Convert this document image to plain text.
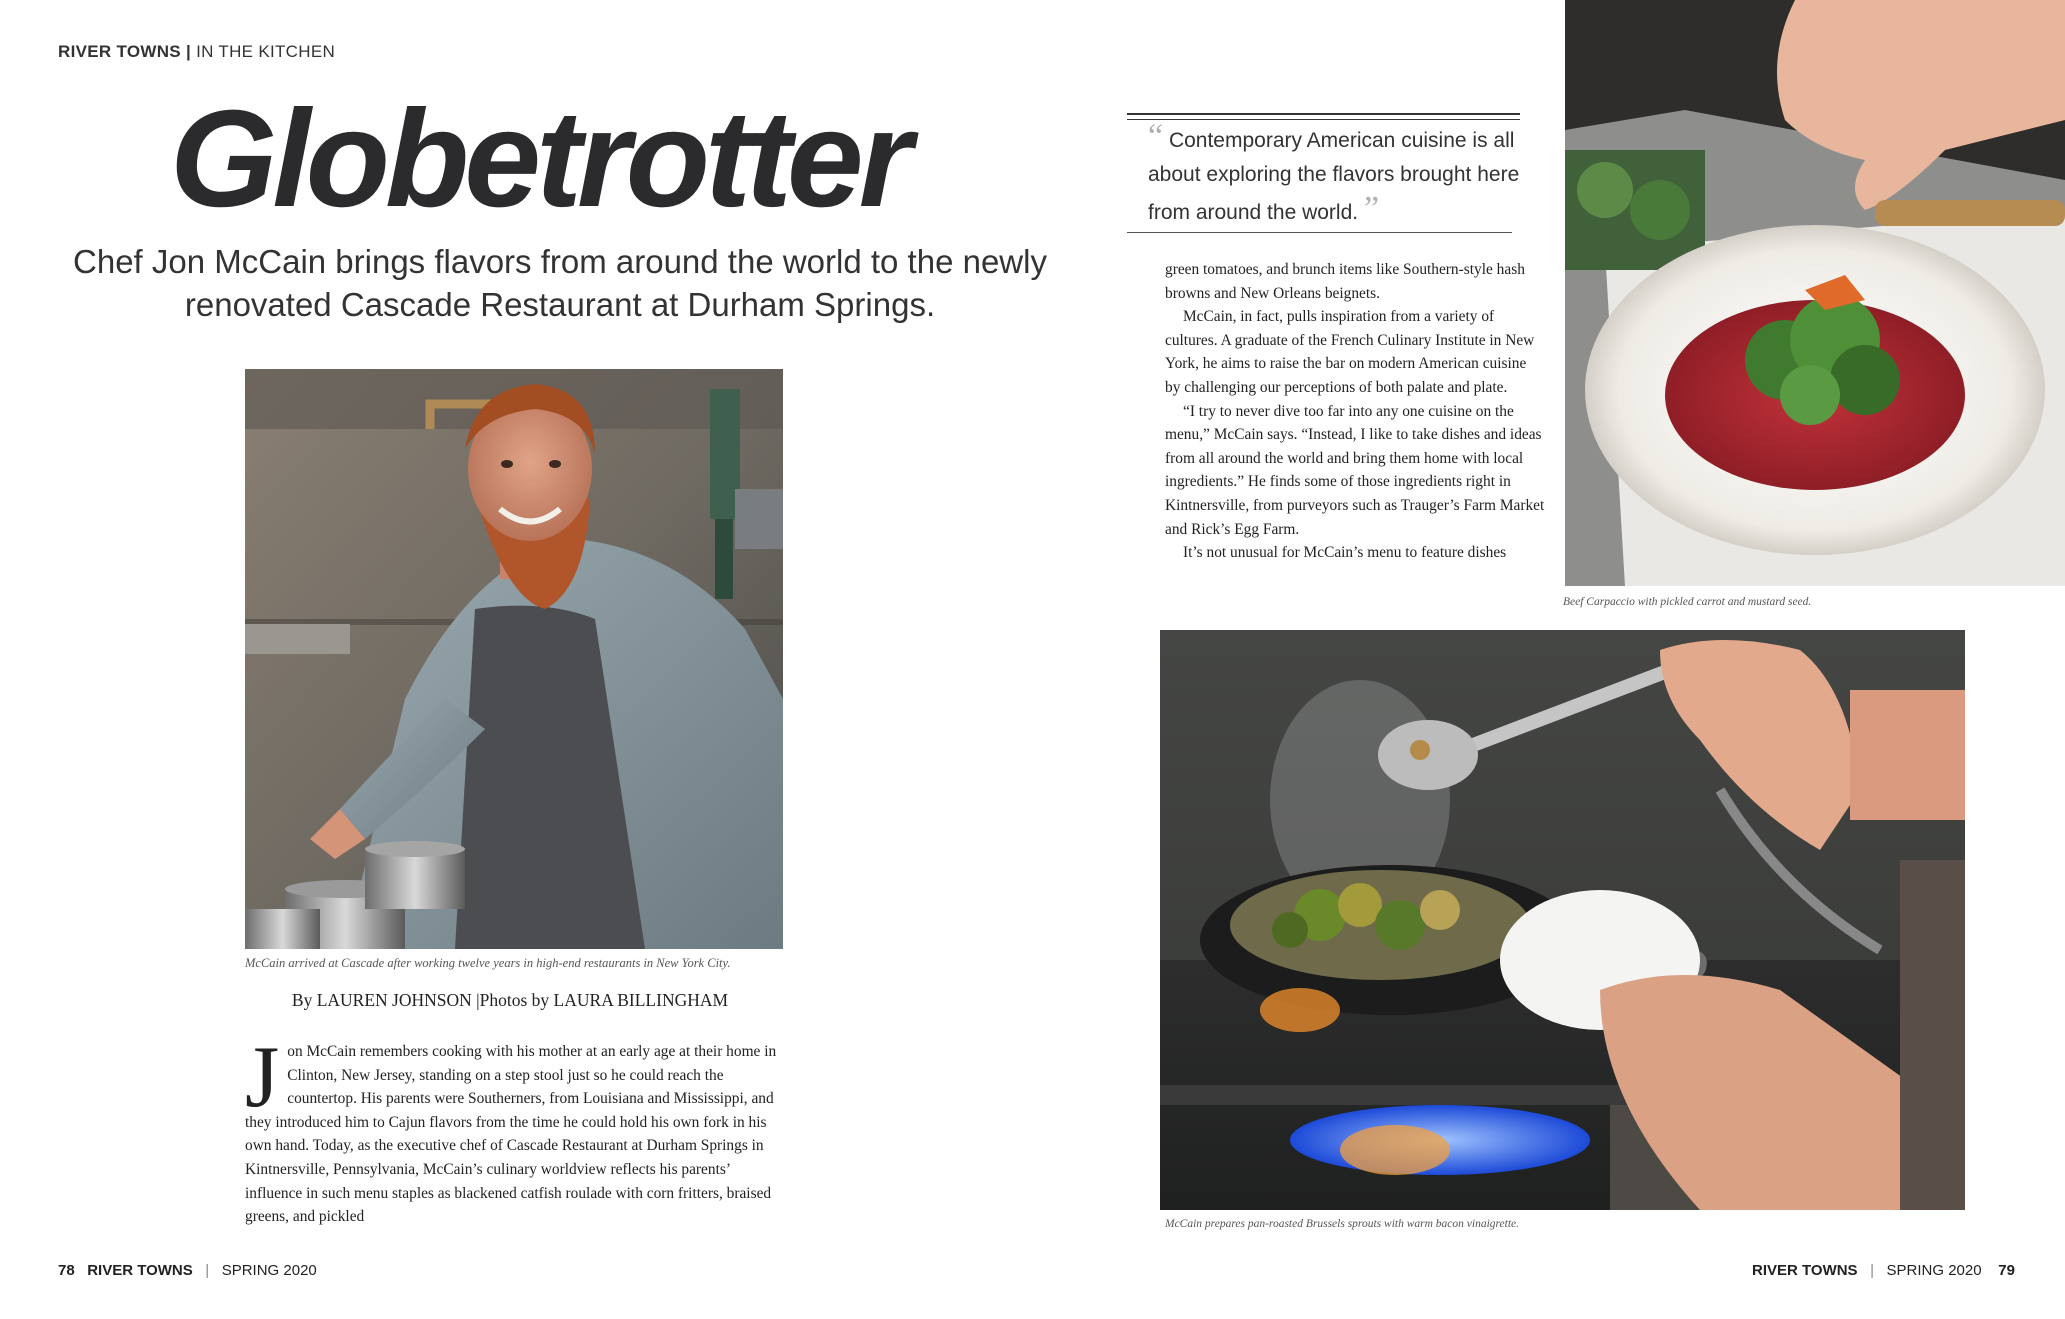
RIVER TOWNS | IN THE KITCHEN
Globetrotter
Chef Jon McCain brings flavors from around the world to the newly renovated Cascade Restaurant at Durham Springs.
McCain arrived at Cascade after working twelve years in high-end restaurants in New York City.
By LAUREN JOHNSON |Photos by LAURA BILLINGHAM
J on McCain remembers cooking with his mother at an early age at their home in Clinton, New Jersey, standing on a step stool just so he could reach the countertop. His parents were Southerners, from Louisiana and Mississippi, and they introduced him to Cajun flavors from the time he could hold his own fork in his own hand. Today, as the executive chef of Cascade Restaurant at Durham Springs in Kintnersville, Pennsylvania, McCain’s culinary worldview reflects his parents’ influence in such menu staples as blackened catfish roulade with corn fritters, braised greens, and pickled
78 RIVER TOWNS | SPRING 2020
“ Contemporary American cuisine is all about exploring the flavors brought here from around the world. ”

green tomatoes, and brunch items like Southern-style hash browns and New Orleans beignets.

McCain, in fact, pulls inspiration from a variety of cultures. A graduate of the French Culinary Institute in New York, he aims to raise the bar on modern American cuisine by challenging our perceptions of both palate and plate.

“I try to never dive too far into any one cuisine on the menu,” McCain says. “Instead, I like to take dishes and ideas from all around the world and bring them home with local ingredients.” He finds some of those ingredients right in Kintnersville, from purveyors such as Trauger’s Farm Market and Rick’s Egg Farm.

It’s not unusual for McCain’s menu to feature dishes

Beef Carpaccio with pickled carrot and mustard seed.
McCain prepares pan-roasted Brussels sprouts with warm bacon vinaigrette.
RIVER TOWNS | SPRING 2020 79
